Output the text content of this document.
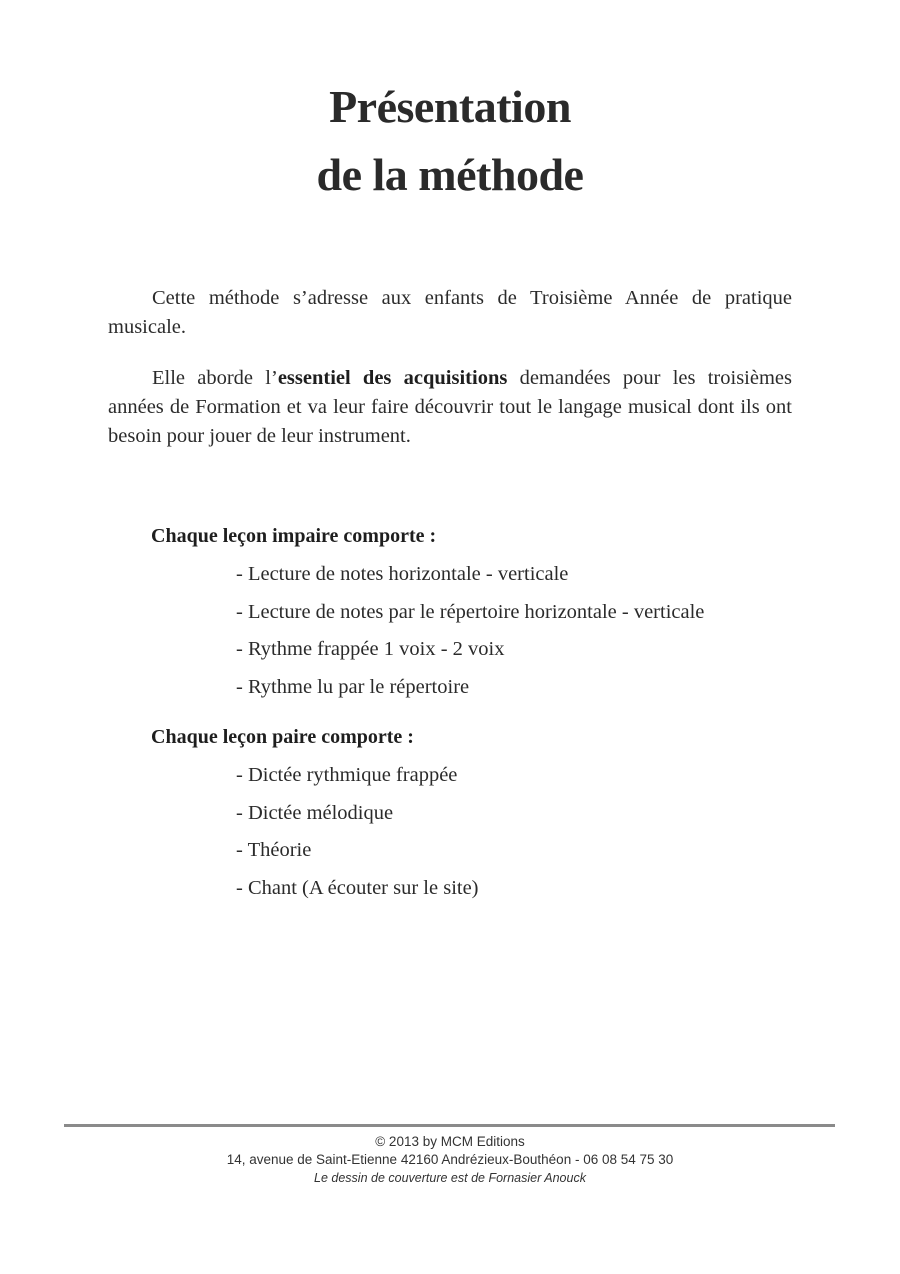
Présentation
de la méthode

Cette méthode s’adresse aux enfants de Troisième Année de pratique musicale.

Elle aborde l’essentiel des acquisitions demandées pour les troisièmes années de Formation et va leur faire découvrir tout le langage musical dont ils ont besoin pour jouer de leur instrument.

Chaque leçon impaire comporte :

- Lecture de notes horizontale - verticale
- Lecture de notes par le répertoire horizontale - verticale
- Rythme frappée 1 voix - 2 voix
- Rythme lu par le répertoire

Chaque leçon paire comporte :

- Dictée rythmique frappée
- Dictée mélodique
- Théorie
- Chant (A écouter sur le site)
© 2013 by MCM Editions
14, avenue de Saint-Etienne 42160 Andrézieux-Bouthéon - 06 08 54 75 30
Le dessin de couverture est de Fornasier Anouck
